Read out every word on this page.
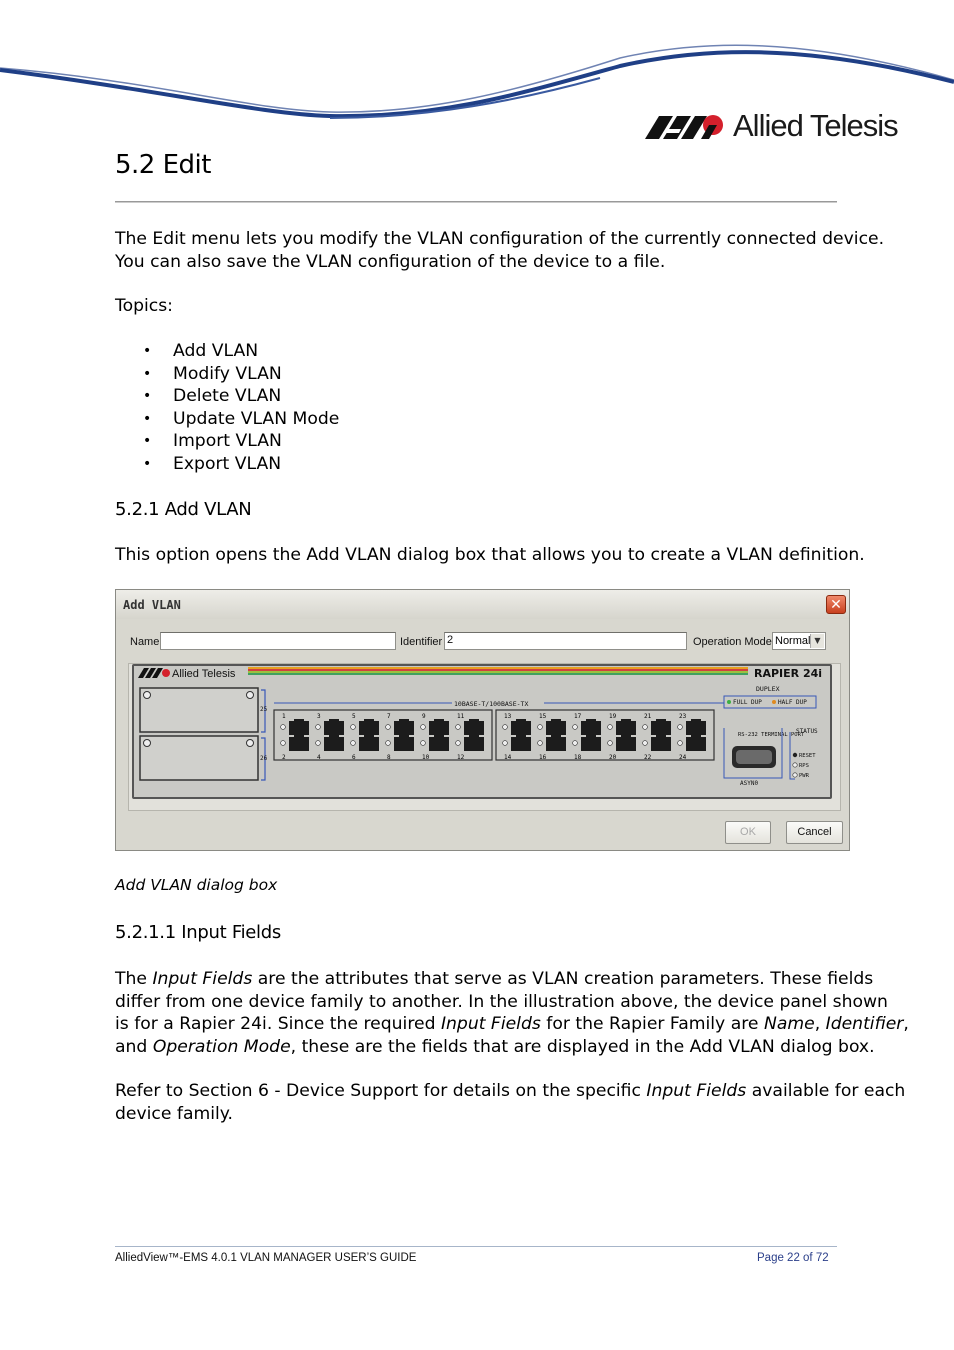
Allied Telesis
5.2 Edit
The Edit menu lets you modify the VLAN configuration of the currently connected device.
You can also save the VLAN configuration of the device to a file.
Topics:
• Add VLAN
• Modify VLAN
• Delete VLAN
• Update VLAN Mode
• Import VLAN
• Export VLAN
5.2.1 Add VLAN
This option opens the Add VLAN dialog box that allows you to create a VLAN definition.
Add VLAN	✕
Name	Identifier 2	Operation Mode Normal ▼
Allied Telesis	RAPIER 24i
25
26
10BASE-T/100BASE-TX
1
2
3
4
5
6
7
8
9
10
11
12
13
14
15
16
17
18
19
20
21
22
23
24
DUPLEX
FULL DUP	HALF DUP
RS-232 TERMINAL PORT
ASYN0
STATUS
RESET
RPS
PWR
OK	Cancel
Add VLAN dialog box
5.2.1.1 Input Fields
The Input Fields are the attributes that serve as VLAN creation parameters. These fields
differ from one device family to another. In the illustration above, the device panel shown
is for a Rapier 24i. Since the required Input Fields for the Rapier Family are Name, Identifier,
and Operation Mode, these are the fields that are displayed in the Add VLAN dialog box.
Refer to Section 6 - Device Support for details on the specific Input Fields available for each
device family.
AlliedView™-EMS 4.0.1 VLAN MANAGER USER’S GUIDE	Page 22 of 72
